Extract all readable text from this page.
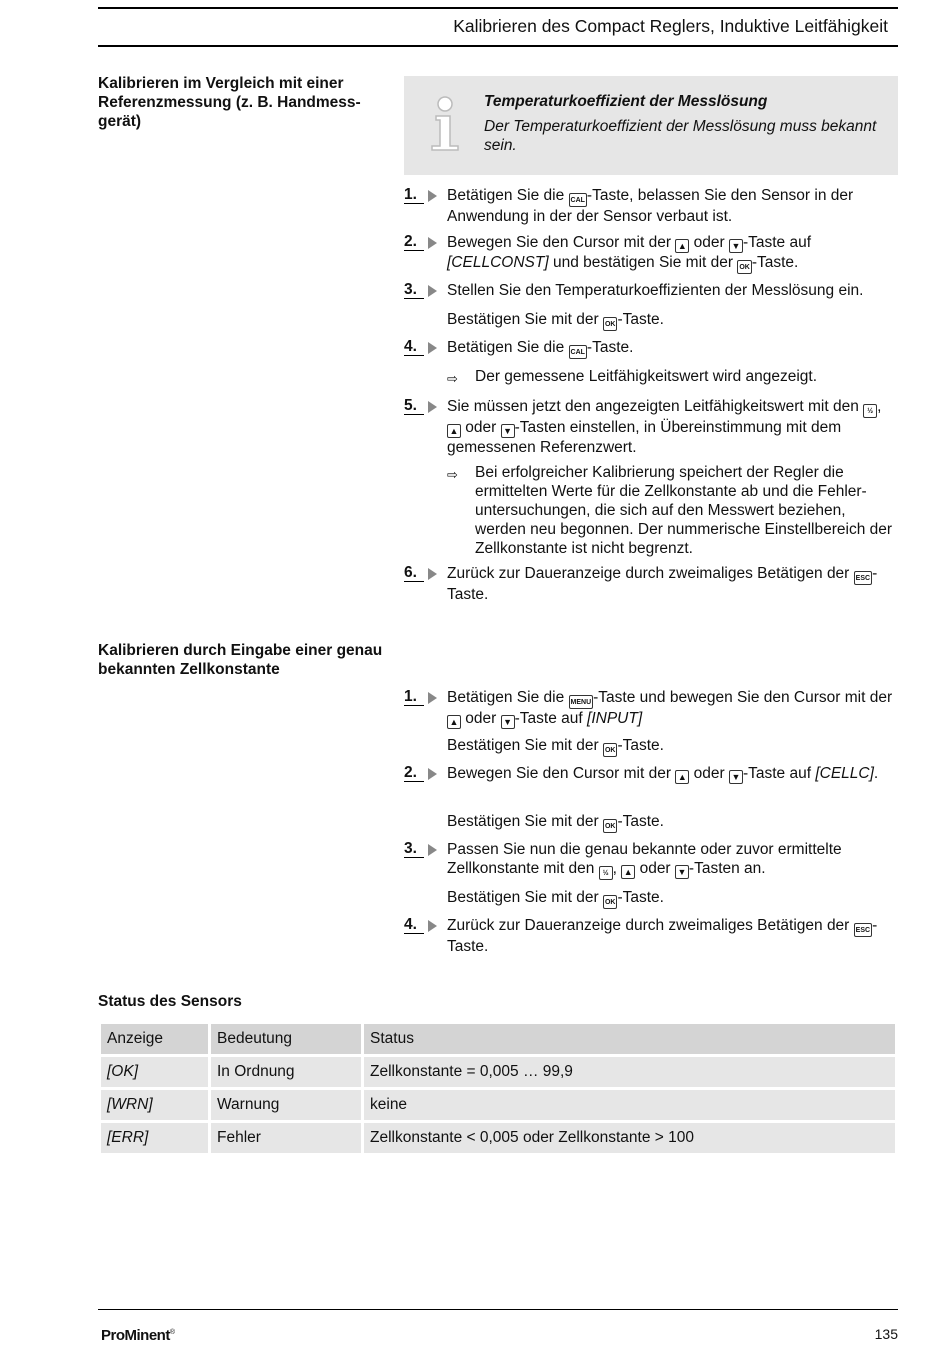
Kalibrieren des Compact Reglers, Induktive Leitfähigkeit
Kalibrieren im Vergleich mit einer Referenzmessung (z. B. Handmess-gerät)
Temperaturkoeffizient der Messlösung
Der Temperaturkoeffizient der Messlösung muss bekannt sein.
1.	Betätigen Sie die CAL -Taste, belassen Sie den Sensor in der Anwendung in der der Sensor verbaut ist.
2.	Bewegen Sie den Cursor mit der ▲ oder ▼ -Taste auf [CELLCONST] und bestätigen Sie mit der OK -Taste.
3.	Stellen Sie den Temperaturkoeffizienten der Messlösung ein.
Bestätigen Sie mit der OK -Taste.
4.	Betätigen Sie die CAL -Taste.
⇨ Der gemessene Leitfähigkeitswert wird angezeigt.
5.	Sie müssen jetzt den angezeigten Leitfähigkeitswert mit den ½ , ▲ oder ▼ -Tasten einstellen, in Übereinstimmung mit dem gemessenen Referenzwert.
⇨ Bei erfolgreicher Kalibrierung speichert der Regler die ermittelten Werte für die Zellkonstante ab und die Fehler-untersuchungen, die sich auf den Messwert beziehen, werden neu begonnen. Der nummerische Einstellbereich der Zellkonstante ist nicht begrenzt.
6.	Zurück zur Daueranzeige durch zweimaliges Betätigen der ESC -Taste.
Kalibrieren durch Eingabe einer genau bekannten Zellkonstante
1.	Betätigen Sie die MENU -Taste und bewegen Sie den Cursor mit der ▲ oder ▼ -Taste auf [INPUT]
Bestätigen Sie mit der OK -Taste.
2.	Bewegen Sie den Cursor mit der ▲ oder ▼ -Taste auf [CELLC].
Bestätigen Sie mit der OK -Taste.
3.	Passen Sie nun die genau bekannte oder zuvor ermittelte Zellkonstante mit den ½ , ▲ oder ▼ -Tasten an.
Bestätigen Sie mit der OK -Taste.
4.	Zurück zur Daueranzeige durch zweimaliges Betätigen der ESC -Taste.
Status des Sensors
Anzeige	Bedeutung	Status
[OK]	In Ordnung	Zellkonstante = 0,005 … 99,9
[WRN]	Warnung	keine
[ERR]	Fehler	Zellkonstante < 0,005 oder Zellkonstante > 100
ProMinent®	135
